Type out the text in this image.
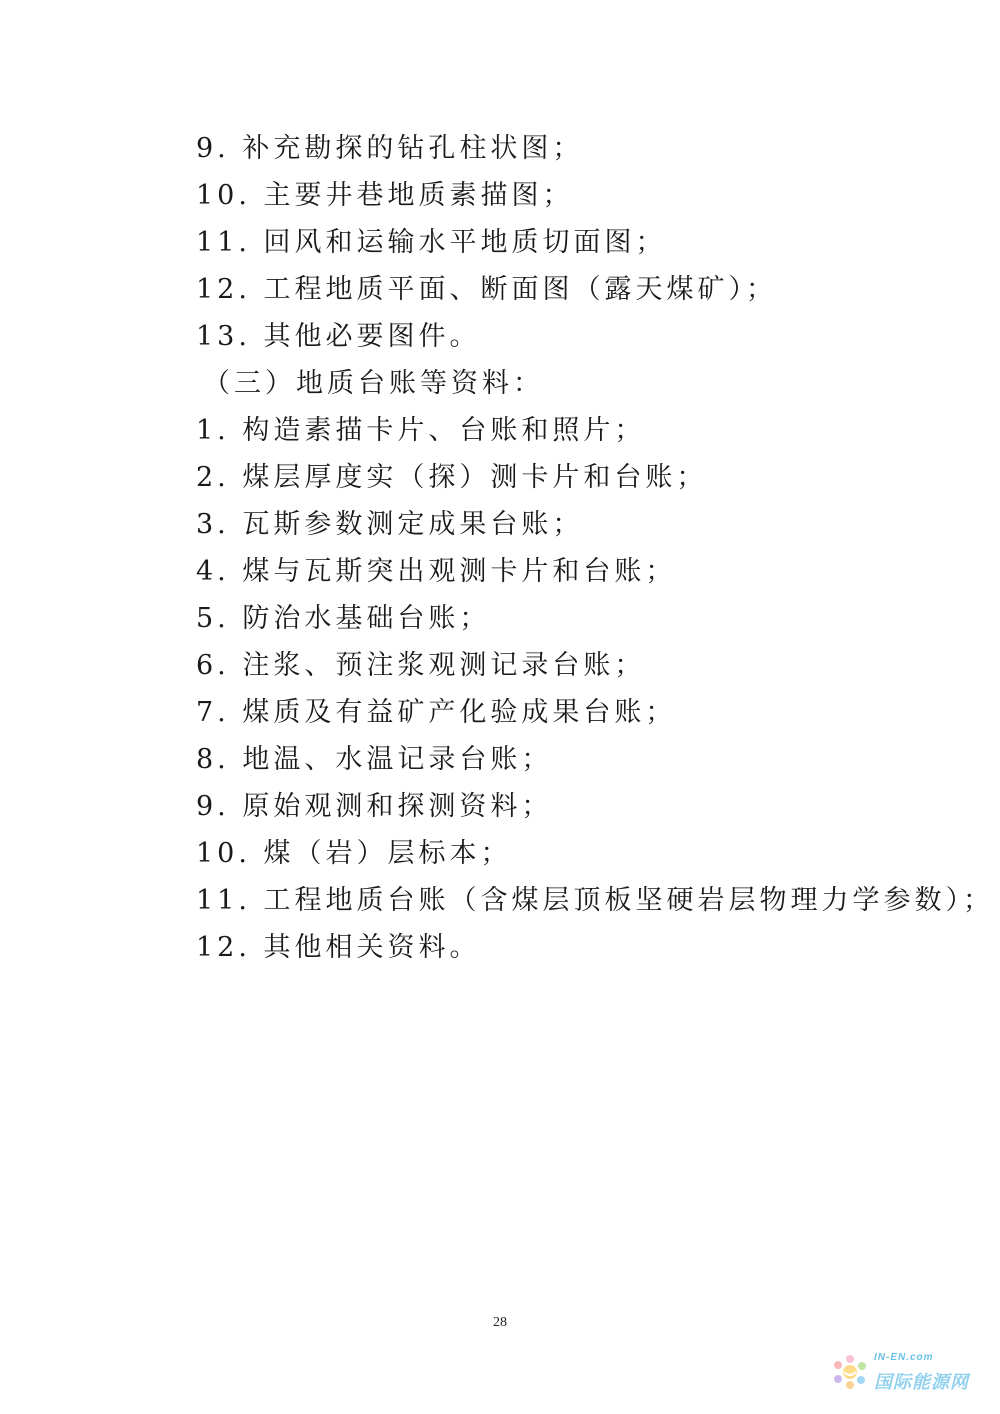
9. 补充勘探的钻孔柱状图；
10. 主要井巷地质素描图；
11. 回风和运输水平地质切面图；
12. 工程地质平面、断面图（露天煤矿）；
13. 其他必要图件。
（三）地质台账等资料：
1. 构造素描卡片、台账和照片；
2. 煤层厚度实（探）测卡片和台账；
3. 瓦斯参数测定成果台账；
4. 煤与瓦斯突出观测卡片和台账；
5. 防治水基础台账；
6. 注浆、预注浆观测记录台账；
7. 煤质及有益矿产化验成果台账；
8. 地温、水温记录台账；
9. 原始观测和探测资料；
10. 煤（岩）层标本；
11. 工程地质台账（含煤层顶板坚硬岩层物理力学参数）；
12. 其他相关资料。
28
IN-EN.com
国际能源网
